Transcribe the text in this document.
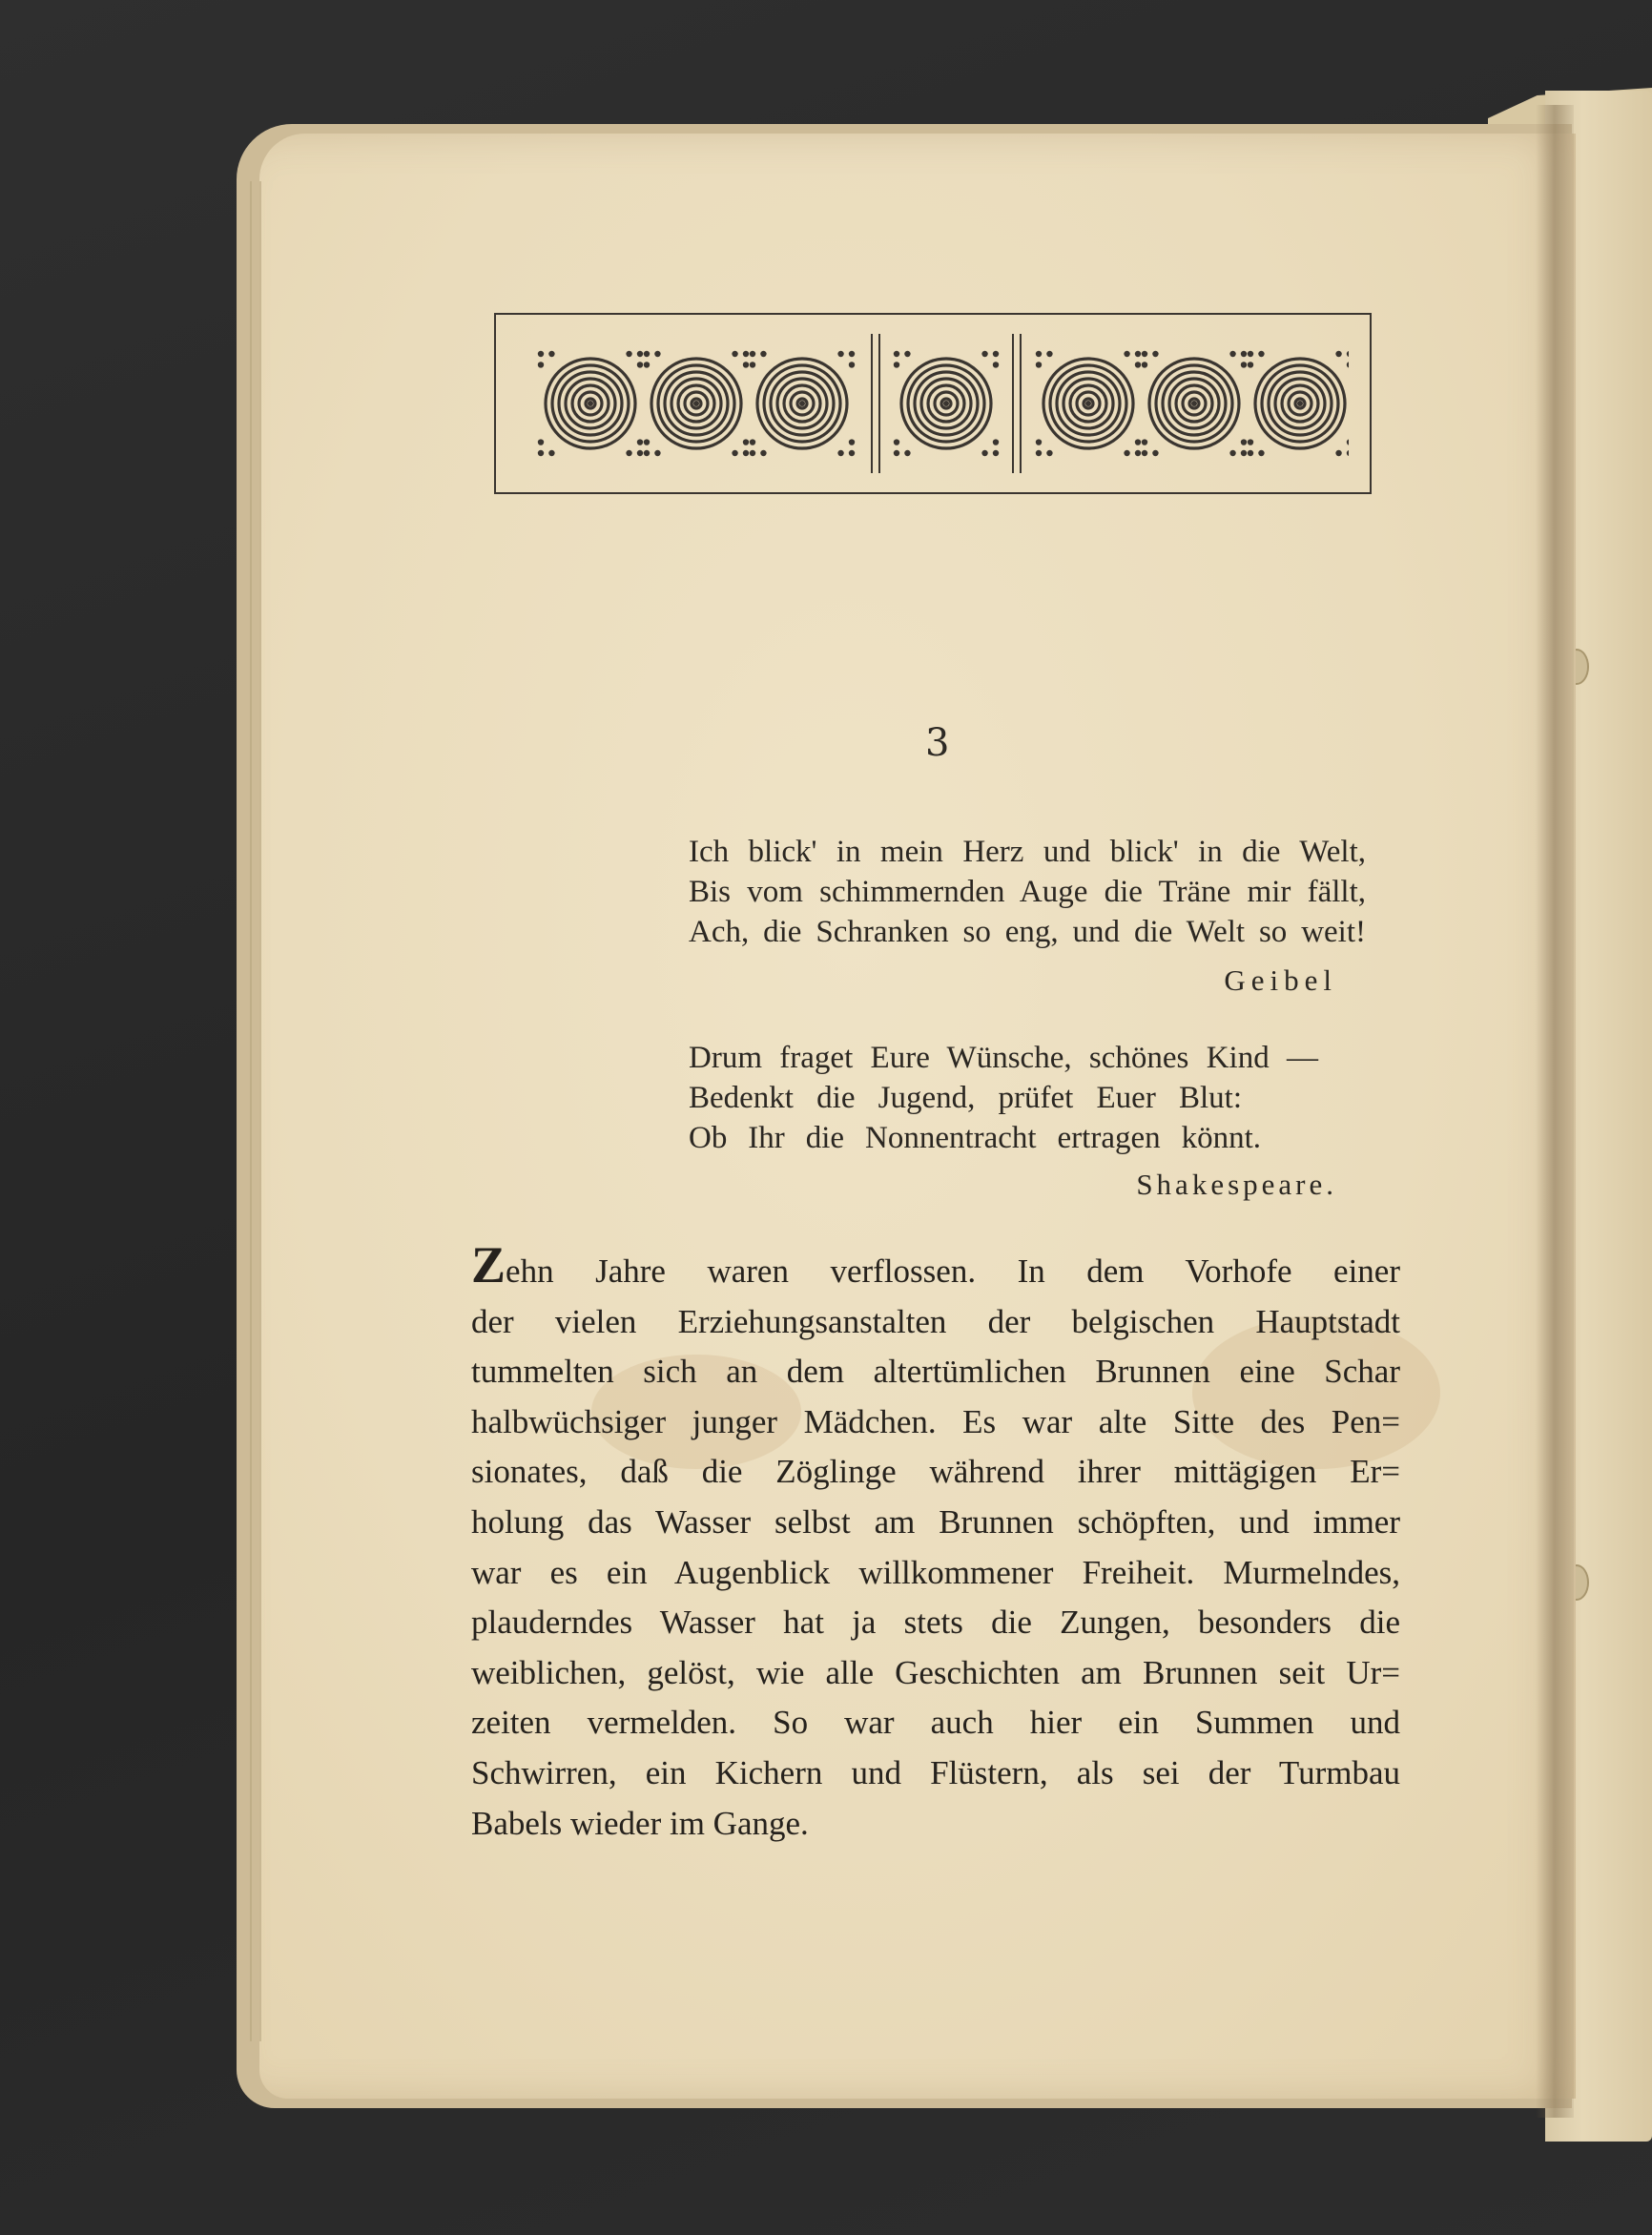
3
Ich blick' in mein Herz und blick' in die Welt,
Bis vom schimmernden Auge die Träne mir fällt,
Ach, die Schranken so eng, und die Welt so weit!
Geibel
Drum fraget Eure Wünsche, schönes Kind —
Bedenkt die Jugend, prüfet Euer Blut:
Ob Ihr die Nonnentracht ertragen könnt.
Shakespeare.
Zehn Jahre waren verflossen. In dem Vorhofe einer
der vielen Erziehungsanstalten der belgischen Hauptstadt
tummelten sich an dem altertümlichen Brunnen eine Schar
halbwüchsiger junger Mädchen. Es war alte Sitte des Pen=
sionates, daß die Zöglinge während ihrer mittägigen Er=
holung das Wasser selbst am Brunnen schöpften, und immer
war es ein Augenblick willkommener Freiheit. Murmelndes,
plauderndes Wasser hat ja stets die Zungen, besonders die
weiblichen, gelöst, wie alle Geschichten am Brunnen seit Ur=
zeiten vermelden. So war auch hier ein Summen und
Schwirren, ein Kichern und Flüstern, als sei der Turmbau
Babels wieder im Gange.
